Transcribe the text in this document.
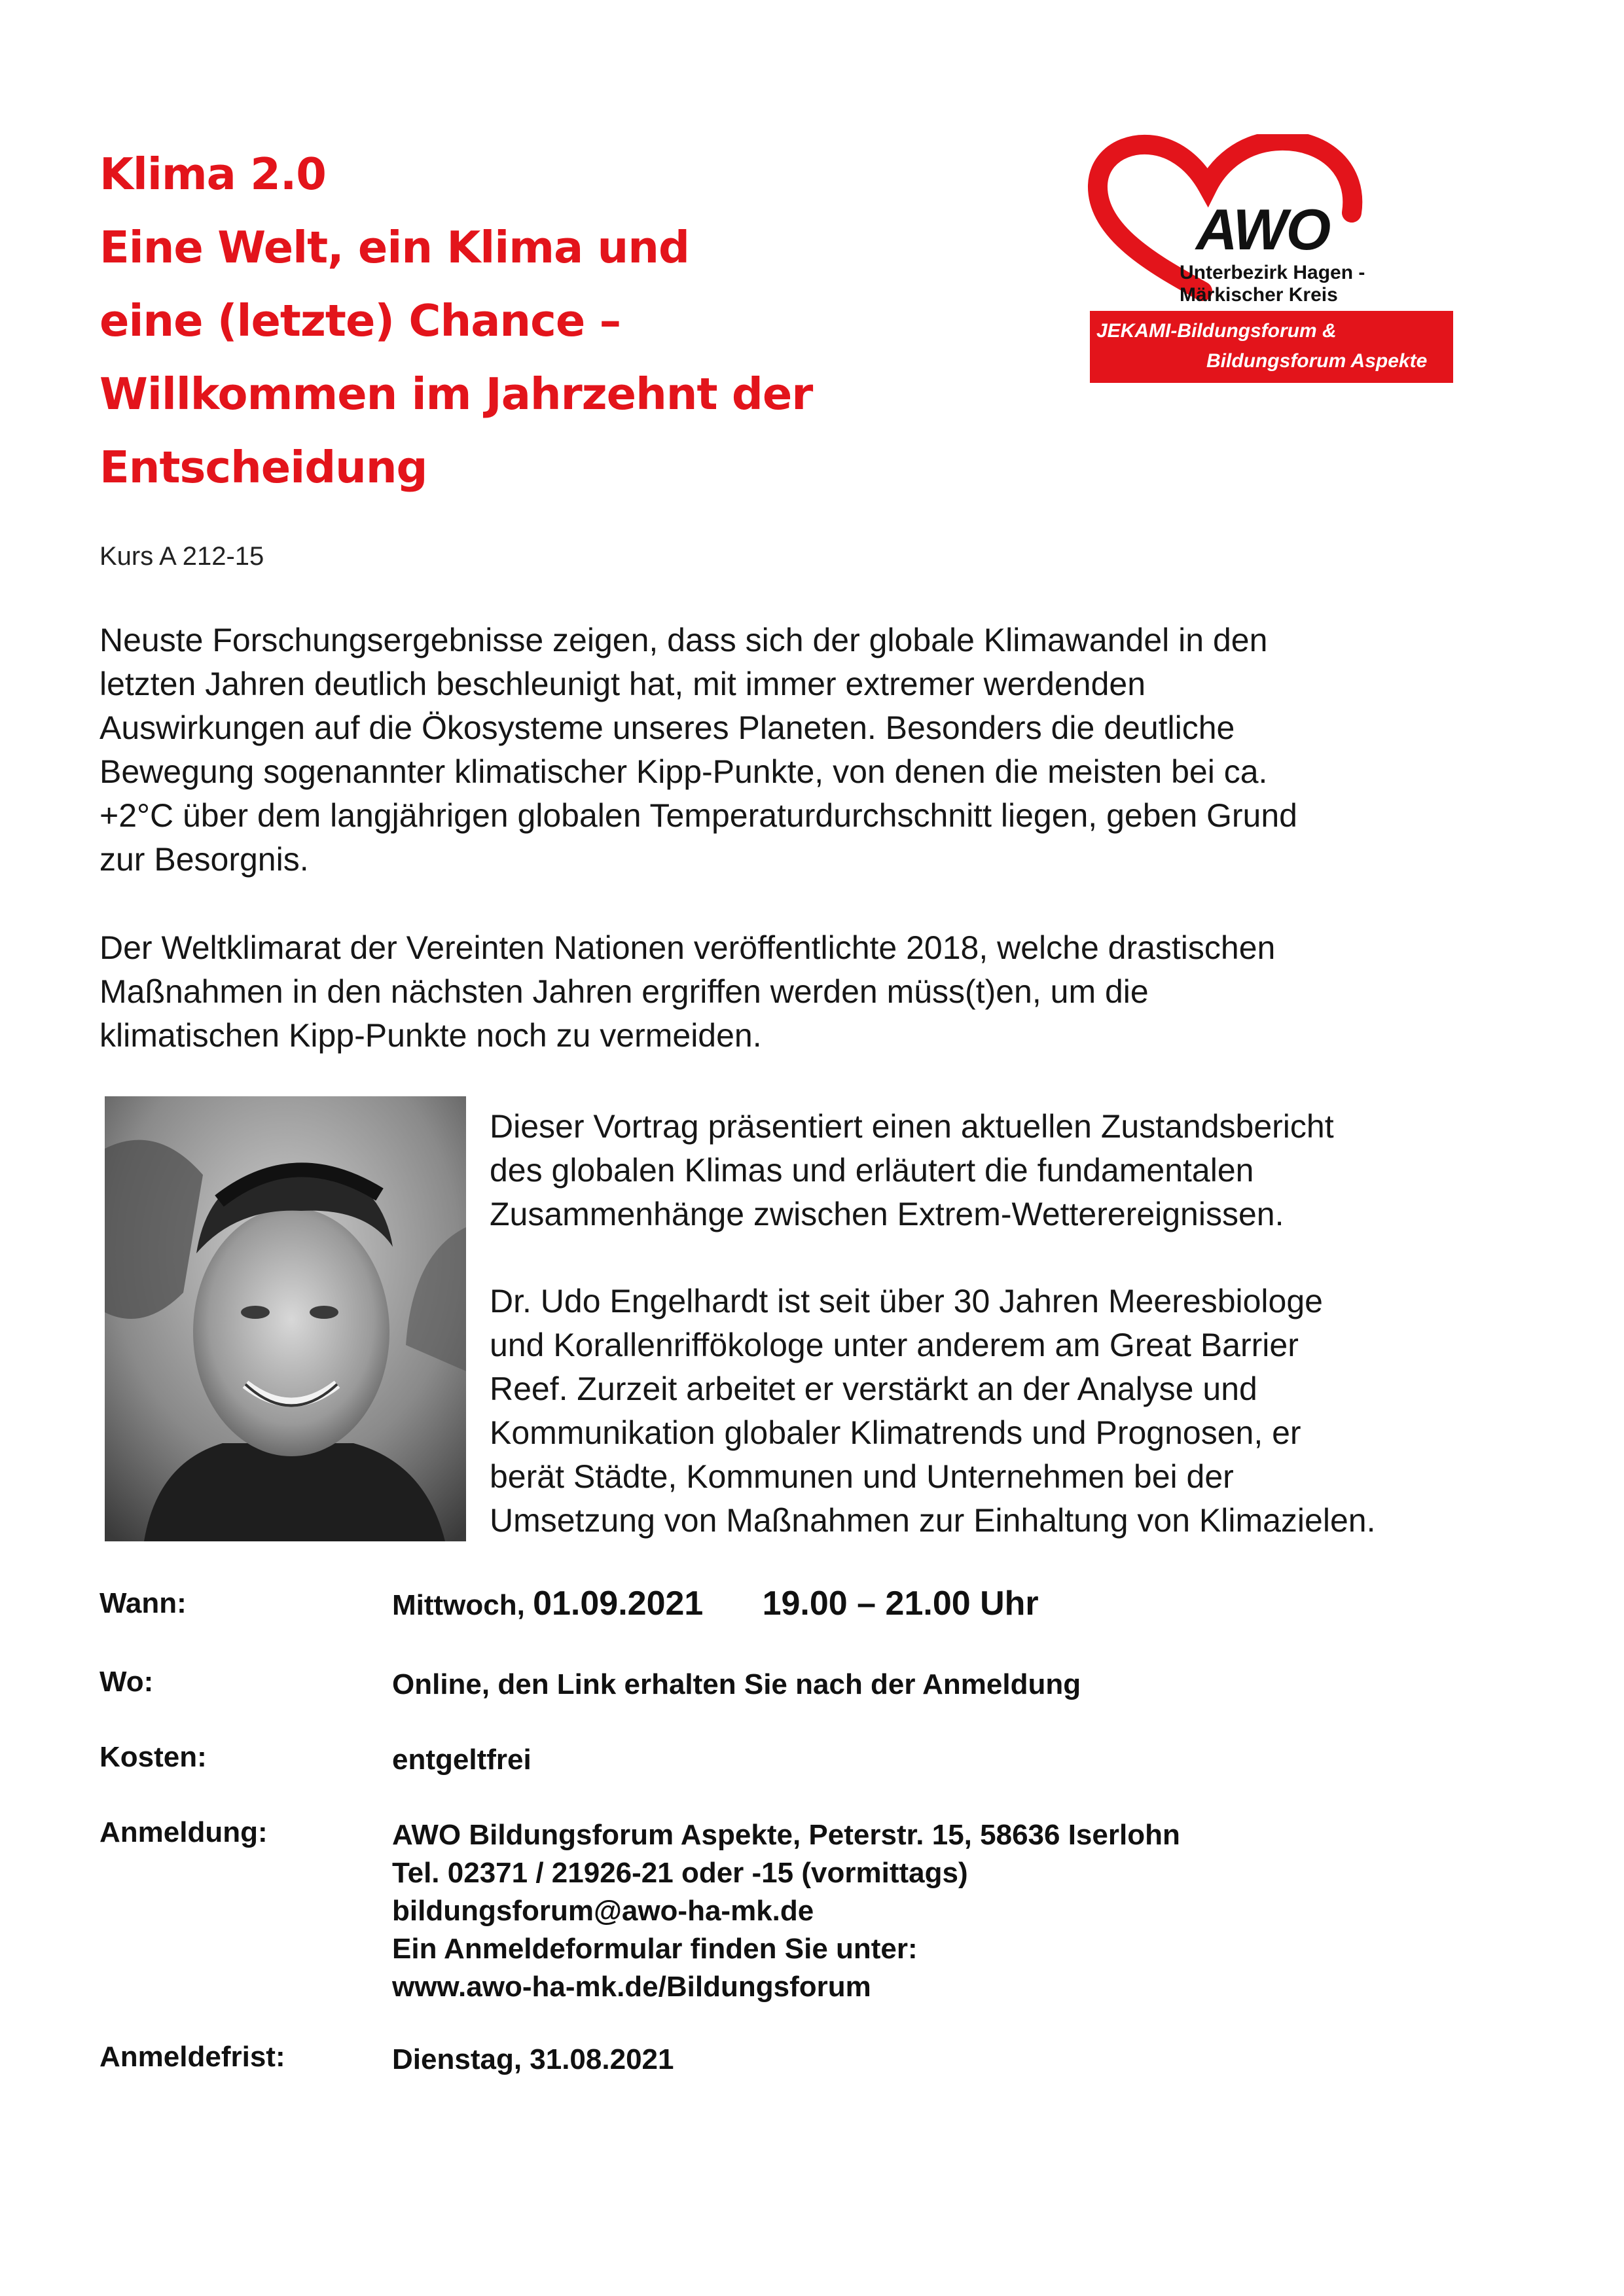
Klima 2.0
Eine Welt, ein Klima und
eine (letzte) Chance –
Willkommen im Jahrzehnt der
Entscheidung
AWO
Unterbezirk Hagen -
Märkischer Kreis
JEKAMI-Bildungsforum &
Bildungsforum Aspekte
Kurs A 212-15
Neuste Forschungsergebnisse zeigen, dass sich der globale Klimawandel in den
letzten Jahren deutlich beschleunigt hat, mit immer extremer werdenden
Auswirkungen auf die Ökosysteme unseres Planeten. Besonders die deutliche
Bewegung sogenannter klimatischer Kipp-Punkte, von denen die meisten bei ca.
+2°C über dem langjährigen globalen Temperaturdurchschnitt liegen, geben Grund
zur Besorgnis.
Der Weltklimarat der Vereinten Nationen veröffentlichte 2018, welche drastischen
Maßnahmen in den nächsten Jahren ergriffen werden müss(t)en, um die
klimatischen Kipp-Punkte noch zu vermeiden.
Dieser Vortrag präsentiert einen aktuellen Zustandsbericht
des globalen Klimas und erläutert die fundamentalen
Zusammenhänge zwischen Extrem-Wetterereignissen.
Dr. Udo Engelhardt ist seit über 30 Jahren Meeresbiologe
und Korallenriffökologe unter anderem am Great Barrier
Reef. Zurzeit arbeitet er verstärkt an der Analyse und
Kommunikation globaler Klimatrends und Prognosen, er
berät Städte, Kommunen und Unternehmen bei der
Umsetzung von Maßnahmen zur Einhaltung von Klimazielen.
Wann:	Mittwoch, 01.09.2021 19.00 – 21.00 Uhr
Wo:	Online, den Link erhalten Sie nach der Anmeldung
Kosten:	entgeltfrei
Anmeldung:	AWO Bildungsforum Aspekte, Peterstr. 15, 58636 Iserlohn
Tel. 02371 / 21926-21 oder -15 (vormittags)
bildungsforum@awo-ha-mk.de
Ein Anmeldeformular finden Sie unter:
www.awo-ha-mk.de/Bildungsforum
Anmeldefrist:	Dienstag, 31.08.2021
